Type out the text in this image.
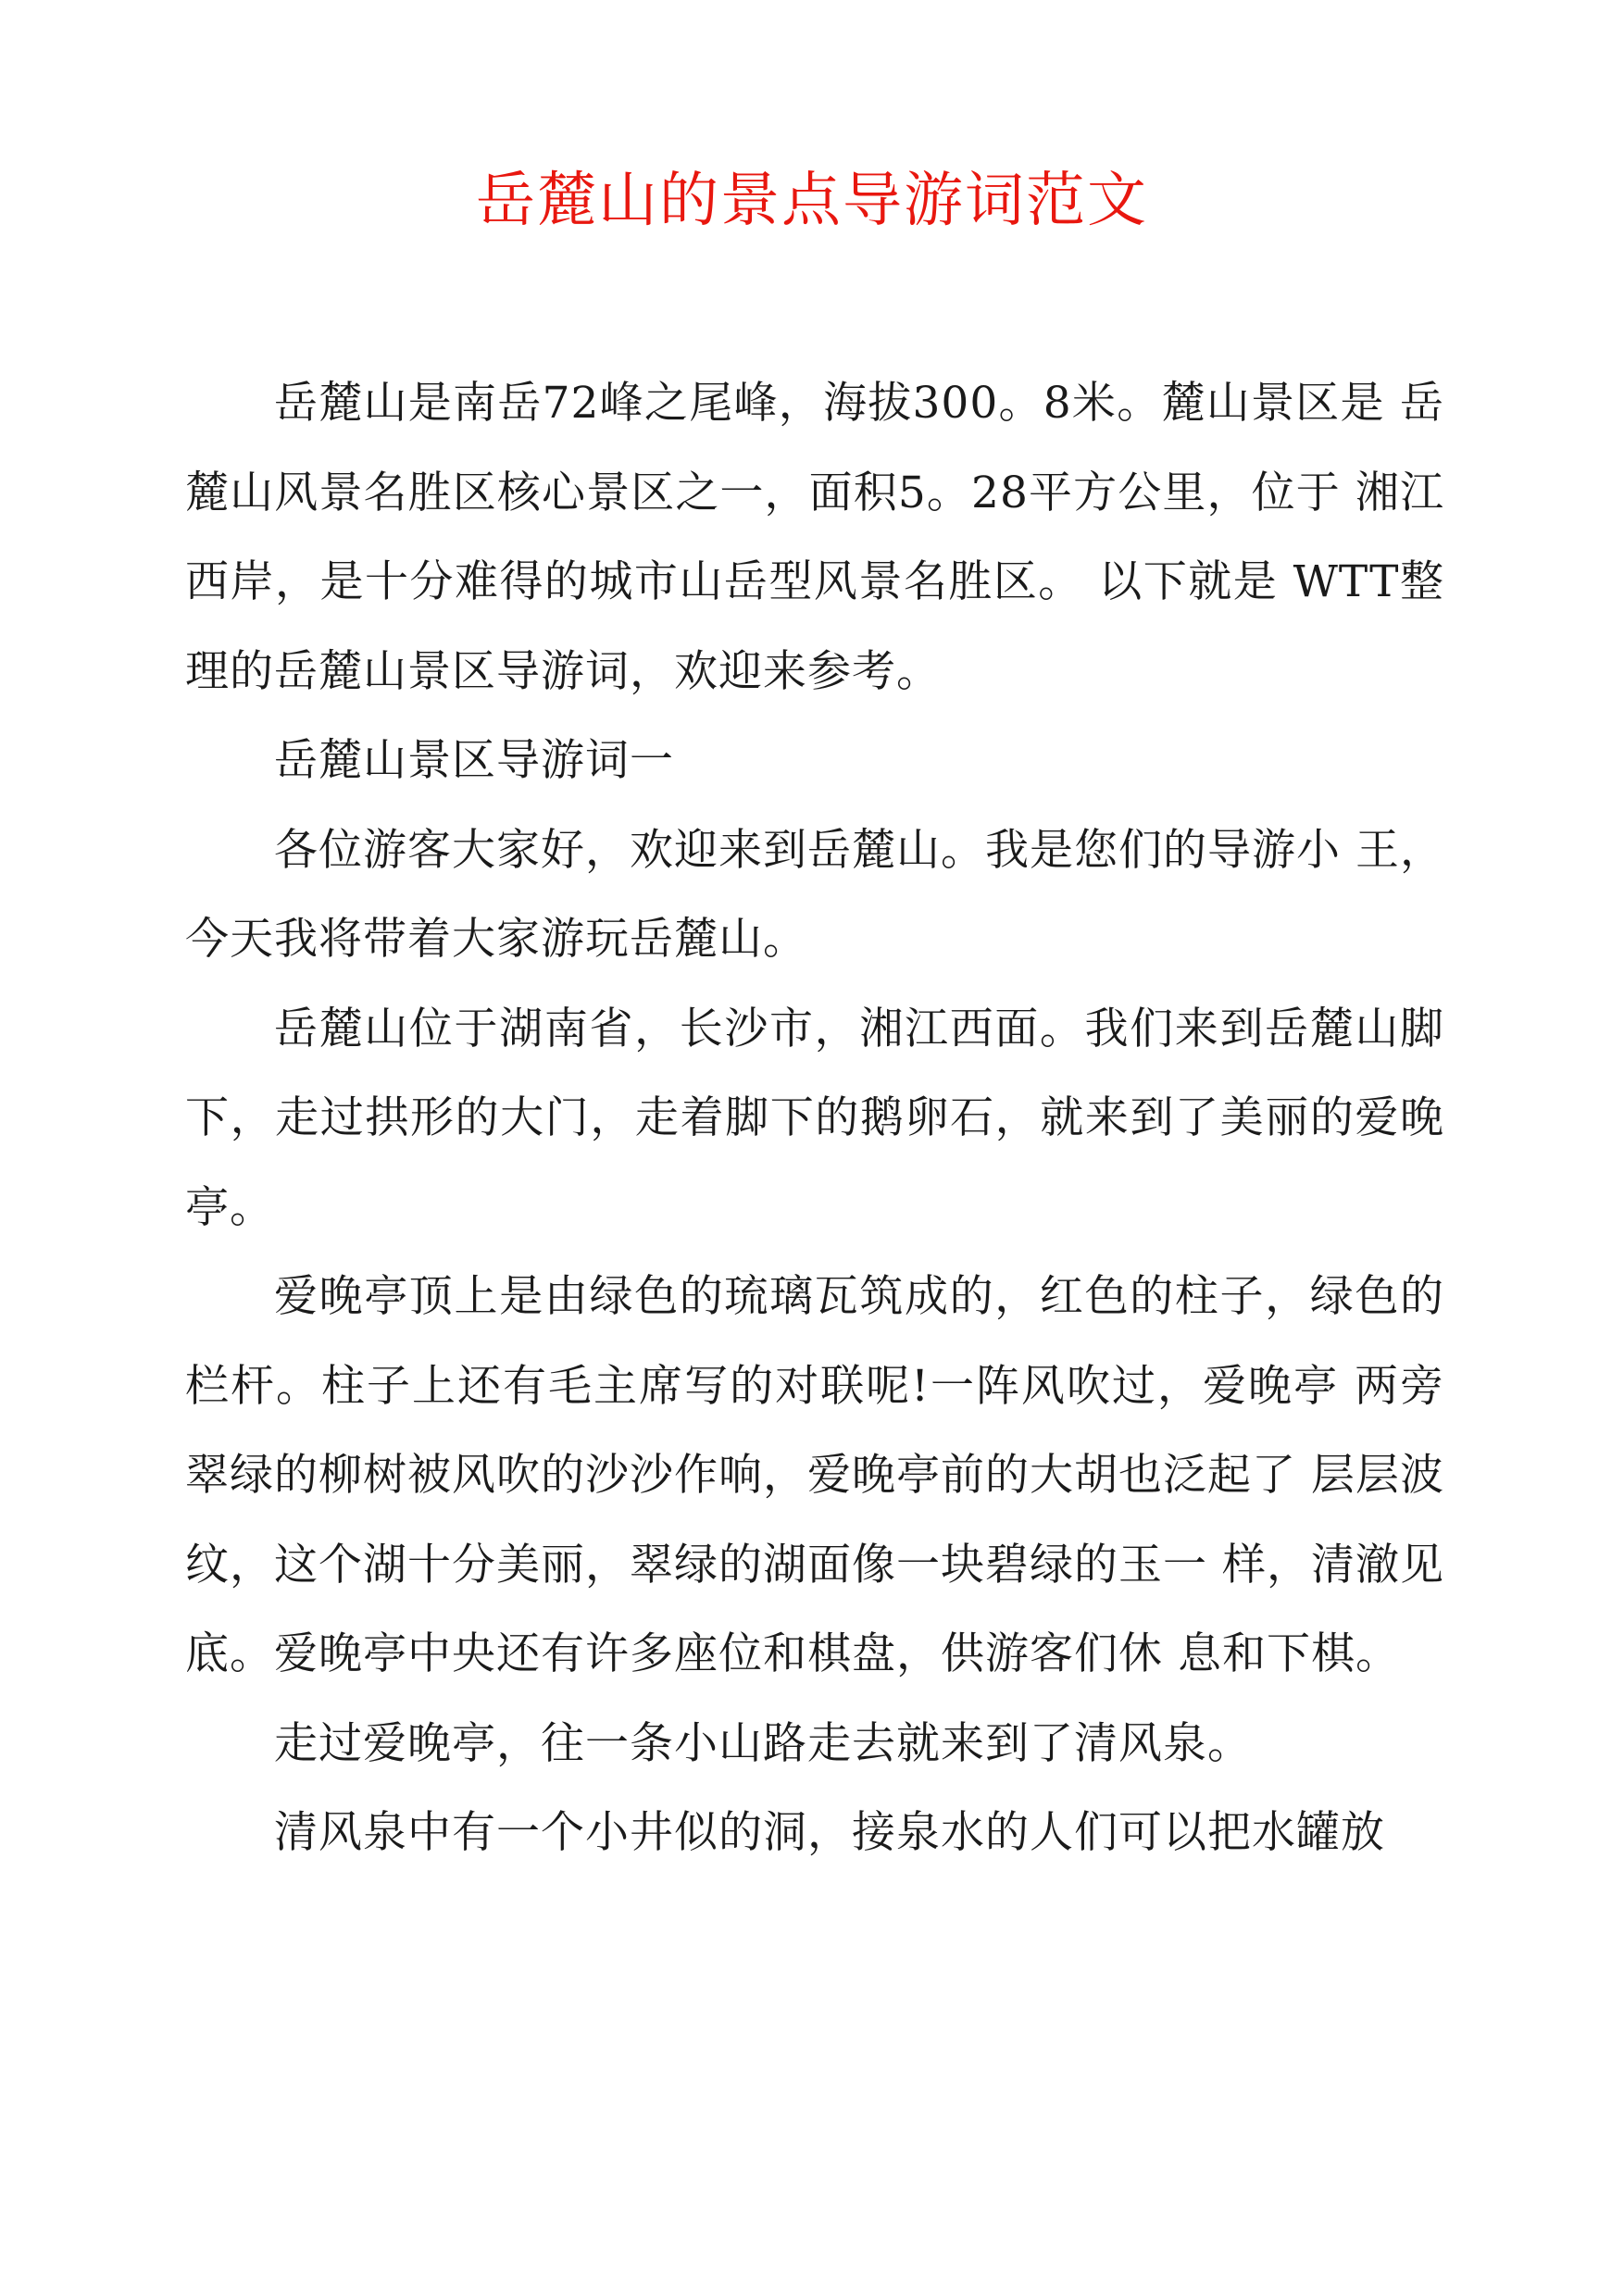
岳麓山的景点导游词范文

岳麓山是南岳72峰之尾峰，海拔300。8米。麓山景区是 岳麓山风景名胜区核心景区之一，面积5。28平方公里，位于 湘江西岸，是十分难得的城市山岳型风景名胜区。 以下就是 WTT整理的岳麓山景区导游词，欢迎来参考。

岳麓山景区导游词一

各位游客大家好，欢迎来到岳麓山。我是您们的导游小 王，今天我将带着大家游玩岳麓山。

岳麓山位于湖南省，长沙市，湘江西面。我们来到岳麓山脚下，走过拱形的大门，走着脚下的鹅卵石，就来到了美丽的爱晚亭。

爱晚亭顶上是由绿色的琉璃瓦筑成的，红色的柱子，绿色的栏杆。柱子上还有毛主席写的对联呢!一阵风吹过，爱晚亭 两旁翠绿的柳树被风吹的沙沙作响，爱晚亭前的大胡也泛起了 层层波纹，这个湖十分美丽，翠绿的湖面像一块碧绿的玉一 样，清澈见底。爱晚亭中央还有许多座位和棋盘，供游客们休 息和下棋。

走过爱晚亭，往一条小山路走去就来到了清风泉。

清风泉中有一个小井似的洞，接泉水的人们可以把水罐放
